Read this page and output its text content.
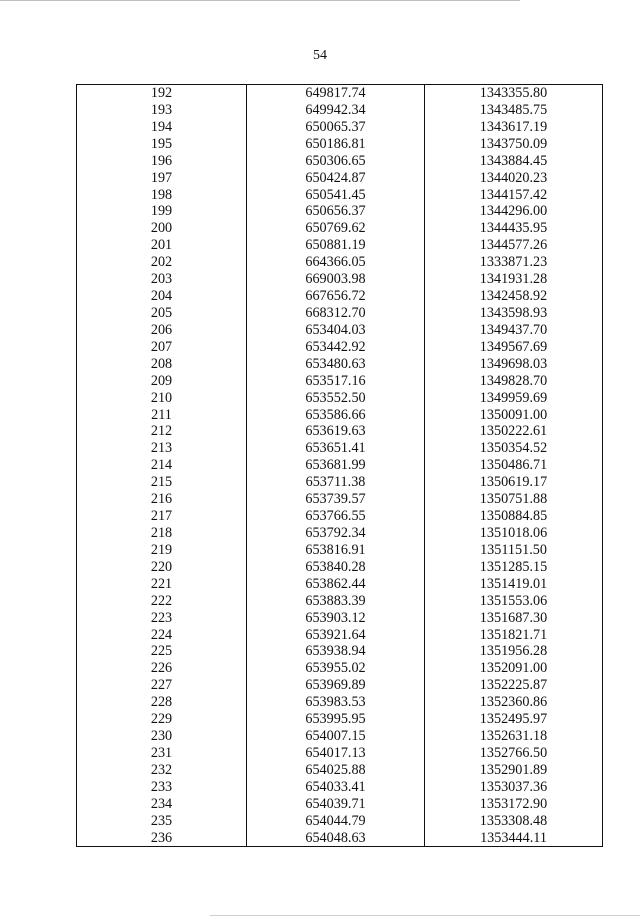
54
192	649817.74	1343355.80
193	649942.34	1343485.75
194	650065.37	1343617.19
195	650186.81	1343750.09
196	650306.65	1343884.45
197	650424.87	1344020.23
198	650541.45	1344157.42
199	650656.37	1344296.00
200	650769.62	1344435.95
201	650881.19	1344577.26
202	664366.05	1333871.23
203	669003.98	1341931.28
204	667656.72	1342458.92
205	668312.70	1343598.93
206	653404.03	1349437.70
207	653442.92	1349567.69
208	653480.63	1349698.03
209	653517.16	1349828.70
210	653552.50	1349959.69
211	653586.66	1350091.00
212	653619.63	1350222.61
213	653651.41	1350354.52
214	653681.99	1350486.71
215	653711.38	1350619.17
216	653739.57	1350751.88
217	653766.55	1350884.85
218	653792.34	1351018.06
219	653816.91	1351151.50
220	653840.28	1351285.15
221	653862.44	1351419.01
222	653883.39	1351553.06
223	653903.12	1351687.30
224	653921.64	1351821.71
225	653938.94	1351956.28
226	653955.02	1352091.00
227	653969.89	1352225.87
228	653983.53	1352360.86
229	653995.95	1352495.97
230	654007.15	1352631.18
231	654017.13	1352766.50
232	654025.88	1352901.89
233	654033.41	1353037.36
234	654039.71	1353172.90
235	654044.79	1353308.48
236	654048.63	1353444.11
